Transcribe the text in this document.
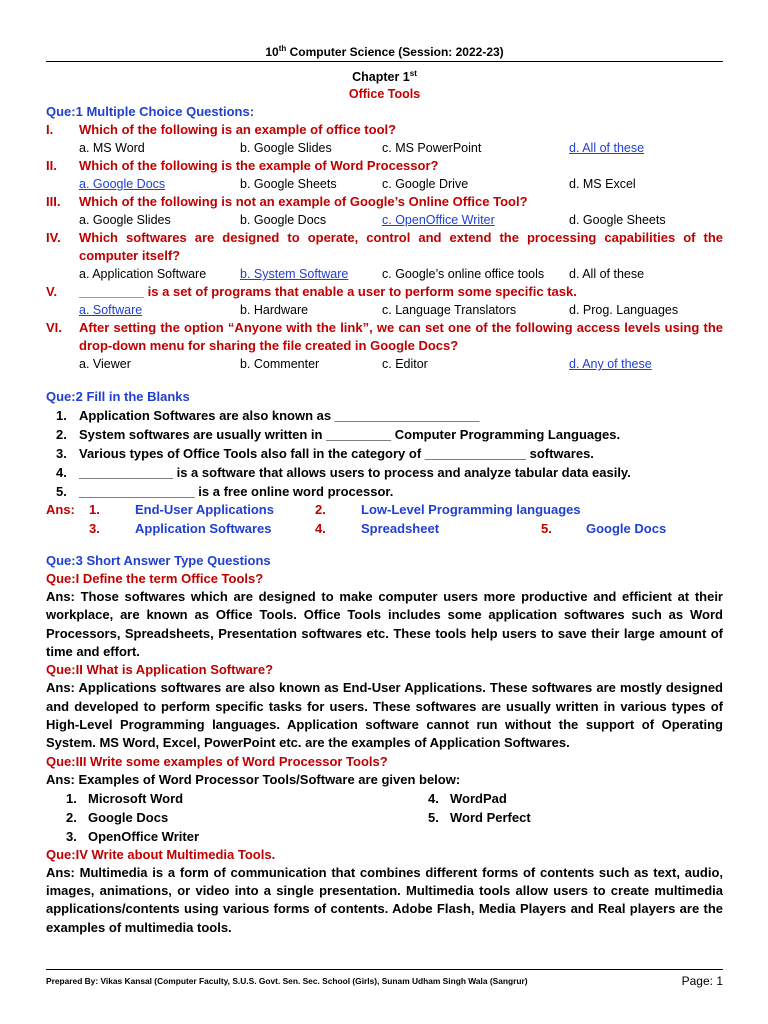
10th Computer Science (Session: 2022-23)
Chapter 1st
Office Tools
Que:1 Multiple Choice Questions:
I.	Which of the following is an example of office tool?
a. MS Word	b. Google Slides	c. MS PowerPoint	d. All of these
II.	Which of the following is the example of Word Processor?
a. Google Docs	b. Google Sheets	c. Google Drive	d. MS Excel
III.	Which of the following is not an example of Google’s Online Office Tool?
a. Google Slides	b. Google Docs	c. OpenOffice Writer	d. Google Sheets
IV.	Which softwares are designed to operate, control and extend the processing capabilities of the computer itself?
a. Application Software	b. System Software	c. Google’s online office tools	d. All of these
V.	_________ is a set of programs that enable a user to perform some specific task.
a. Software	b. Hardware	c. Language Translators	d. Prog. Languages
VI.	After setting the option “Anyone with the link”, we can set one of the following access levels using the drop-down menu for sharing the file created in Google Docs?
a. Viewer	b. Commenter	c. Editor	d. Any of these
Que:2 Fill in the Blanks
1. Application Softwares are also known as ____________________
2. System softwares are usually written in _________ Computer Programming Languages.
3. Various types of Office Tools also fall in the category of ______________ softwares.
4. _____________ is a software that allows users to process and analyze tabular data easily.
5. ________________ is a free online word processor.
Ans:	1.	End-User Applications	2.	Low-Level Programming languages
3.	Application Softwares	4.	Spreadsheet	5.	Google Docs
Que:3 Short Answer Type Questions
Que:I Define the term Office Tools?
Ans: Those softwares which are designed to make computer users more productive and efficient at their workplace, are known as Office Tools. Office Tools includes some application softwares such as Word Processors, Spreadsheets, Presentation softwares etc. These tools help users to save their large amount of time and effort.
Que:II What is Application Software?
Ans: Applications softwares are also known as End-User Applications. These softwares are mostly designed and developed to perform specific tasks for users. These softwares are usually written in various types of High-Level Programming languages. Application software cannot run without the support of Operating System. MS Word, Excel, PowerPoint etc. are the examples of Application Softwares.
Que:III Write some examples of Word Processor Tools?
Ans: Examples of Word Processor Tools/Software are given below:
1. Microsoft Word	4. WordPad
2. Google Docs	5. Word Perfect
3. OpenOffice Writer
Que:IV Write about Multimedia Tools.
Ans: Multimedia is a form of communication that combines different forms of contents such as text, audio, images, animations, or video into a single presentation. Multimedia tools allow users to create multimedia applications/contents using various forms of contents. Adobe Flash, Media Players and Real players are the examples of multimedia tools.
Prepared By: Vikas Kansal (Computer Faculty, S.U.S. Govt. Sen. Sec. School (Girls), Sunam Udham Singh Wala (Sangrur)	Page: 1
